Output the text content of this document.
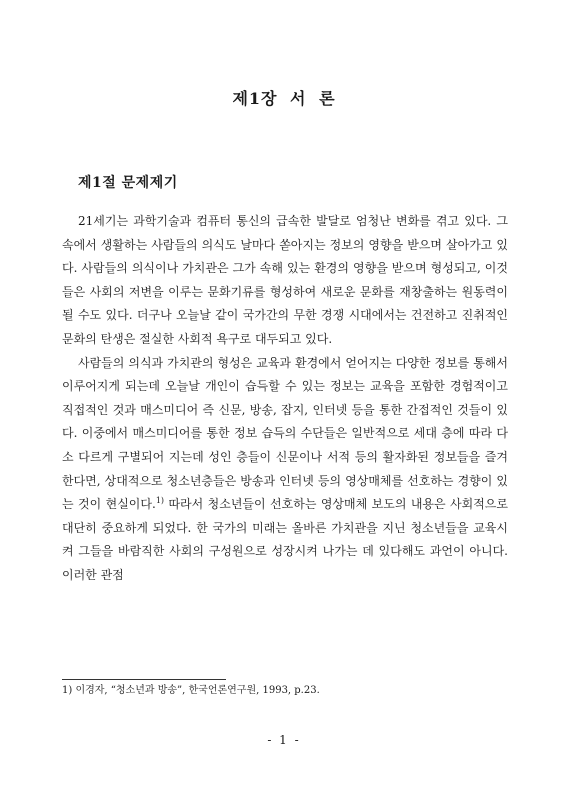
제1장 서 론
제1절 문제제기

21세기는 과학기술과 컴퓨터 통신의 급속한 발달로 엄청난 변화를 겪고 있다. 그 속에서 생활하는 사람들의 의식도 날마다 쏟아지는 정보의 영향을 받으며 살아가고 있다. 사람들의 의식이나 가치관은 그가 속해 있는 환경의 영향을 받으며 형성되고, 이것들은 사회의 저변을 이루는 문화기류를 형성하여 새로운 문화를 재창출하는 원동력이 될 수도 있다. 더구나 오늘날 같이 국가간의 무한 경쟁 시대에서는 건전하고 진취적인 문화의 탄생은 절실한 사회적 욕구로 대두되고 있다.

사람들의 의식과 가치관의 형성은 교육과 환경에서 얻어지는 다양한 정보를 통해서 이루어지게 되는데 오늘날 개인이 습득할 수 있는 정보는 교육을 포함한 경험적이고 직접적인 것과 매스미디어 즉 신문, 방송, 잡지, 인터넷 등을 통한 간접적인 것들이 있다. 이중에서 매스미디어를 통한 정보 습득의 수단들은 일반적으로 세대 층에 따라 다소 다르게 구별되어 지는데 성인 층들이 신문이나 서적 등의 활자화된 정보들을 즐겨한다면, 상대적으로 청소년층들은 방송과 인터넷 등의 영상매체를 선호하는 경향이 있는 것이 현실이다.$^{1)}$ 따라서 청소년들이 선호하는 영상매체 보도의 내용은 사회적으로 대단히 중요하게 되었다. 한 국가의 미래는 올바른 가치관을 지닌 청소년들을 교육시켜 그들을 바람직한 사회의 구성원으로 성장시켜 나가는 데 있다해도 과언이 아니다. 이러한 관점

1) 이경자, “청소년과 방송”, 한국언론연구원, 1993, p.23.
- 1 -
